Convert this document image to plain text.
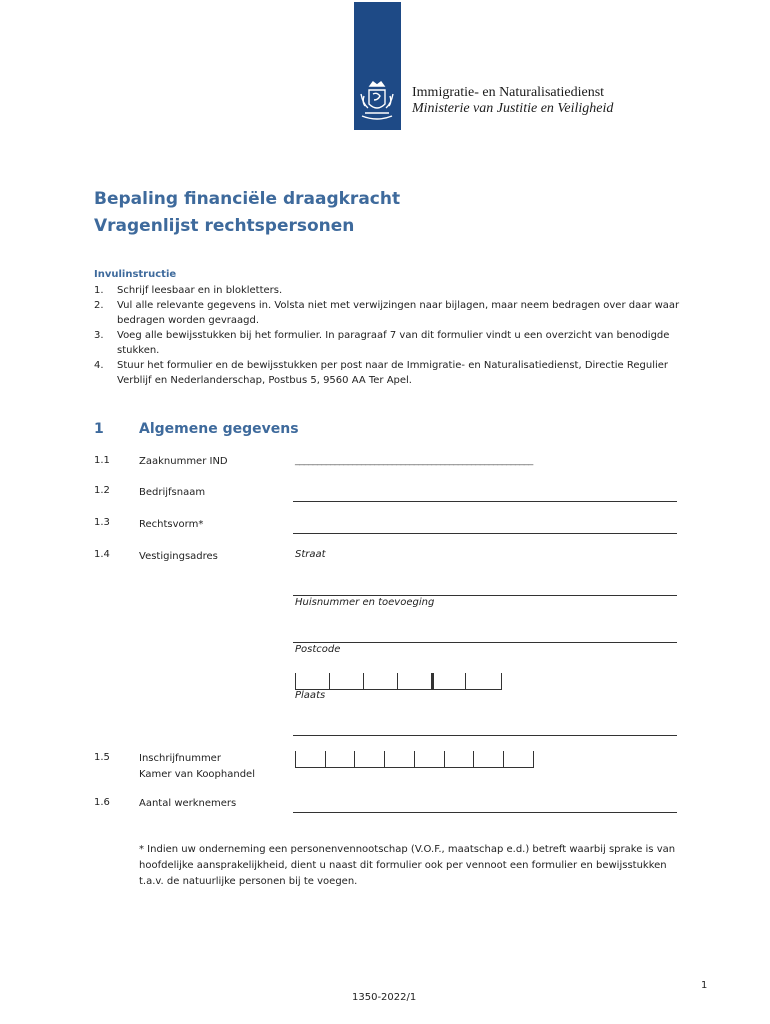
Immigratie- en Naturalisatiedienst
Ministerie van Justitie en Veiligheid
Bepaling financiële draagkracht
Vragenlijst rechtspersonen
Invulinstructie
1. Schrijf leesbaar en in blokletters.
2. Vul alle relevante gegevens in. Volsta niet met verwijzingen naar bijlagen, maar neem bedragen over daar waar bedragen worden gevraagd.
3. Voeg alle bewijsstukken bij het formulier. In paragraaf 7 van dit formulier vindt u een overzicht van benodigde stukken.
4. Stuur het formulier en de bewijsstukken per post naar de Immigratie- en Naturalisatiedienst, Directie Regulier Verblijf en Nederlanderschap, Postbus 5, 9560 AA Ter Apel.
1	Algemene gegevens
1.1	Zaaknummer IND	______________________________________________________
1.2	Bedrijfsnaam
1.3	Rechtsvorm*
1.4	Vestigingsadres	Straat
Huisnummer en toevoeging
Postcode
Plaats
1.5	Inschrijfnummer
Kamer van Koophandel
1.6	Aantal werknemers
* Indien uw onderneming een personenvennootschap (V.O.F., maatschap e.d.) betreft waarbij sprake is van hoofdelijke aansprakelijkheid, dient u naast dit formulier ook per vennoot een formulier en bewijsstukken t.a.v. de natuurlijke personen bij te voegen.
1
1350-2022/1
